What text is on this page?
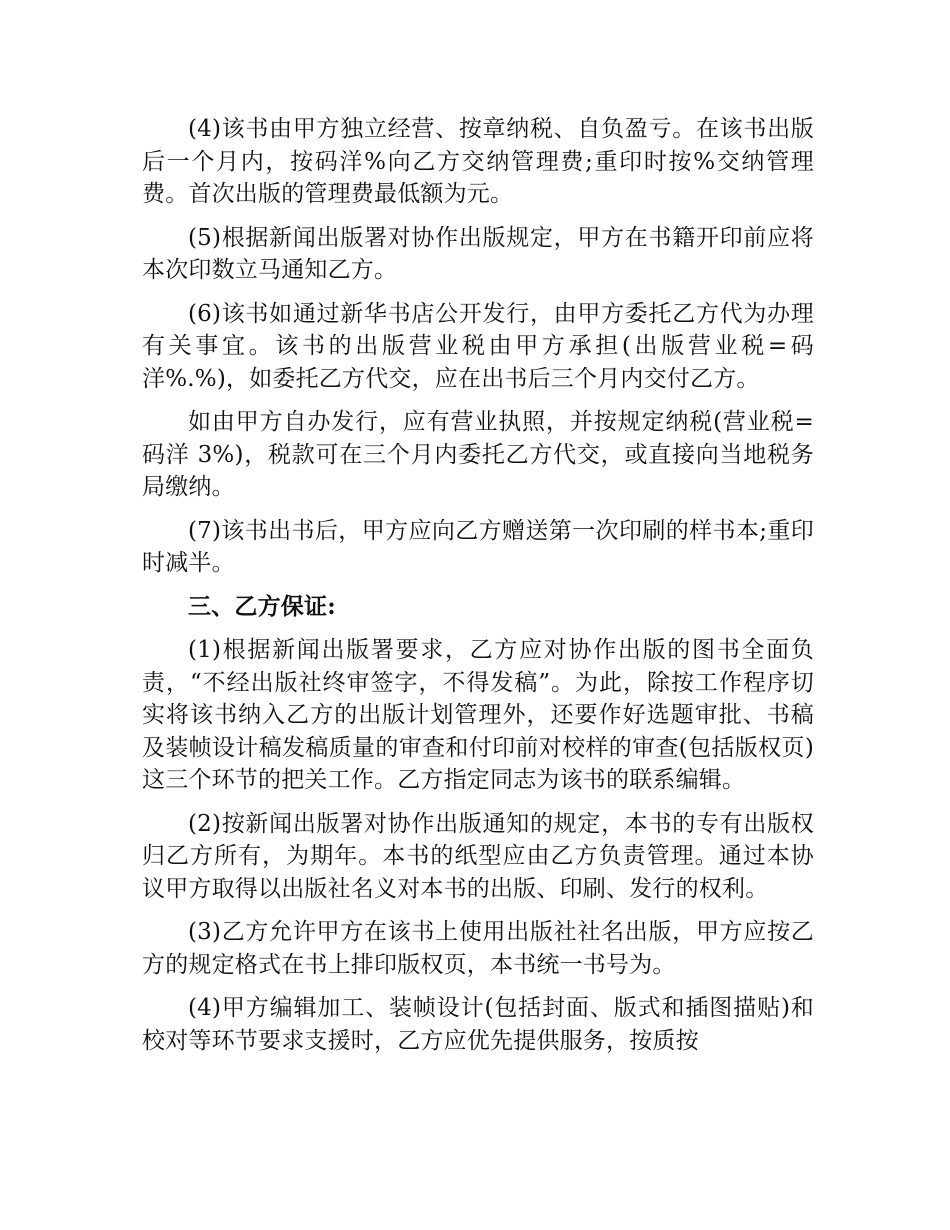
(4)该书由甲方独立经营、按章纳税、自负盈亏。在该书出版后一个月内，按码洋%向乙方交纳管理费;重印时按%交纳管理费。首次出版的管理费最低额为元。

(5)根据新闻出版署对协作出版规定，甲方在书籍开印前应将本次印数立马通知乙方。

(6)该书如通过新华书店公开发行，由甲方委托乙方代为办理有关事宜。该书的出版营业税由甲方承担(出版营业税=码洋%.%)，如委托乙方代交，应在出书后三个月内交付乙方。

如由甲方自办发行，应有营业执照，并按规定纳税(营业税=码洋 3%)，税款可在三个月内委托乙方代交，或直接向当地税务局缴纳。

(7)该书出书后，甲方应向乙方赠送第一次印刷的样书本;重印时减半。

三、乙方保证:

(1)根据新闻出版署要求，乙方应对协作出版的图书全面负责，“不经出版社终审签字，不得发稿”。为此，除按工作程序切实将该书纳入乙方的出版计划管理外，还要作好选题审批、书稿及装帧设计稿发稿质量的审查和付印前对校样的审查(包括版权页)这三个环节的把关工作。乙方指定同志为该书的联系编辑。

(2)按新闻出版署对协作出版通知的规定，本书的专有出版权归乙方所有，为期年。本书的纸型应由乙方负责管理。通过本协议甲方取得以出版社名义对本书的出版、印刷、发行的权利。

(3)乙方允许甲方在该书上使用出版社社名出版，甲方应按乙方的规定格式在书上排印版权页，本书统一书号为。

(4)甲方编辑加工、装帧设计(包括封面、版式和插图描贴)和校对等环节要求支援时，乙方应优先提供服务，按质按
